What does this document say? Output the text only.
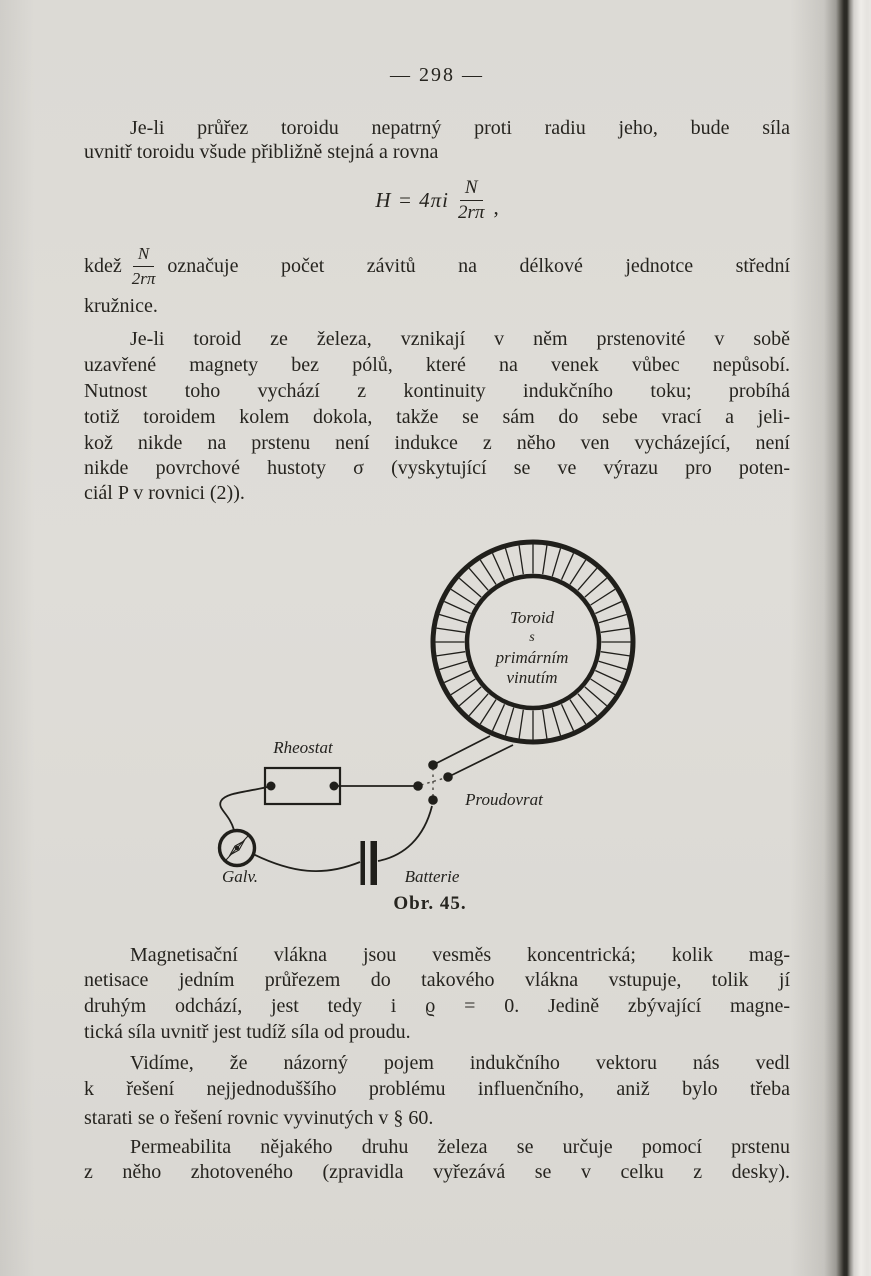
— 298 —
Je-li průřez toroidu nepatrný proti radiu jeho, bude síla
uvnitř toroidu všude přibližně stejná a rovna
$H = 4\pi i \frac{N}{2r\pi}$ ,
kdež $\frac{N}{2r\pi}$ označuje počet závitů na délkové jednotce střední
kružnice.
Je-li toroid ze železa, vznikají v něm prstenovité v sobě
uzavřené magnety bez pólů, které na venek vůbec nepůsobí.
Nutnost toho vychází z kontinuity indukčního toku; probíhá
totiž toroidem kolem dokola, takže se sám do sebe vrací a jeli-
kož nikde na prstenu není indukce z něho ven vycházející, není
nikde povrchové hustoty σ (vyskytující se ve výrazu pro poten-
ciál P v rovnici (2)).
Toroid
s
primárním
vinutím
Rheostat
Proudovrat
Galv.	Batterie
Obr. 45.
Magnetisační vlákna jsou vesměs koncentrická; kolik mag-
netisace jedním průřezem do takového vlákna vstupuje, tolik jí
druhým odchází, jest tedy i ϱ = 0. Jedině zbývající magne-
tická síla uvnitř jest tudíž síla od proudu.
Vidíme, že názorný pojem indukčního vektoru nás vedl
k řešení nejjednoduššího problému influenčního, aniž bylo třeba
starati se o řešení rovnic vyvinutých v § 60.
Permeabilita nějakého druhu železa se určuje pomocí prstenu
z něho zhotoveného (zpravidla vyřezává se v celku z desky).
